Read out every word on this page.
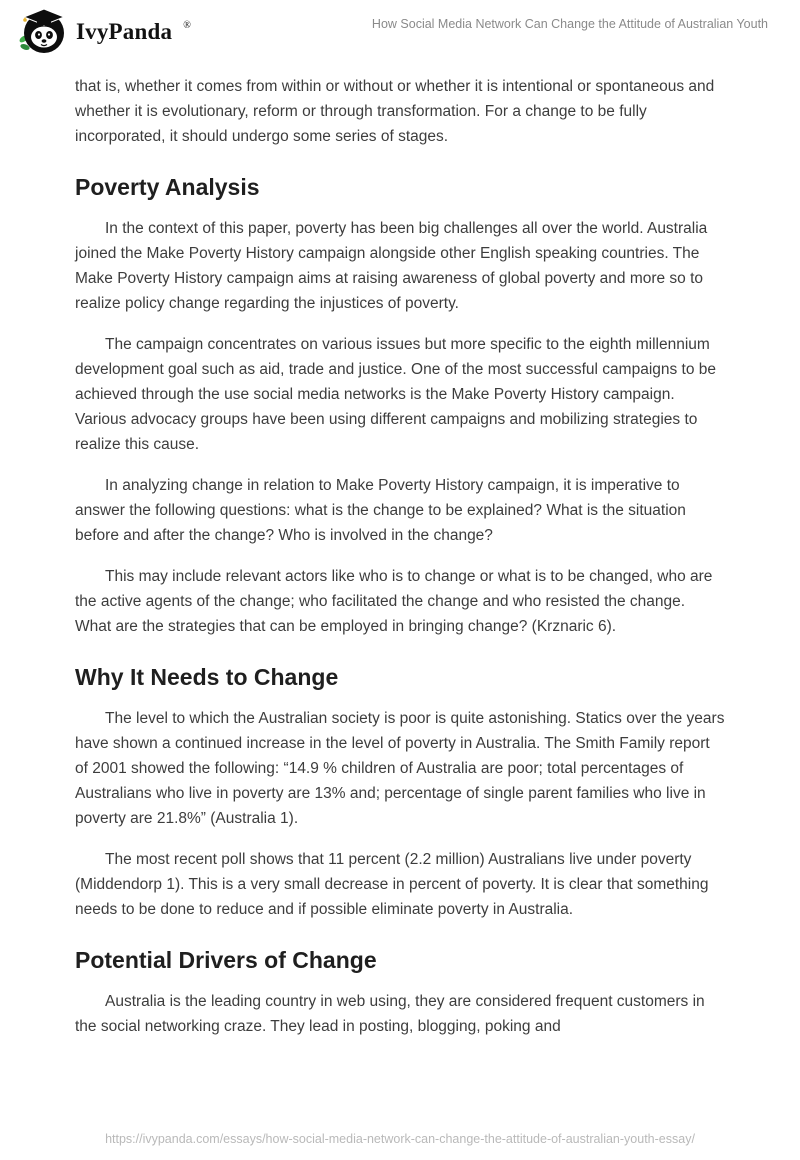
IvyPanda ®	How Social Media Network Can Change the Attitude of Australian Youth

that is, whether it comes from within or without or whether it is intentional or spontaneous and whether it is evolutionary, reform or through transformation. For a change to be fully incorporated, it should undergo some series of stages.

Poverty Analysis

In the context of this paper, poverty has been big challenges all over the world. Australia joined the Make Poverty History campaign alongside other English speaking countries. The Make Poverty History campaign aims at raising awareness of global poverty and more so to realize policy change regarding the injustices of poverty.

The campaign concentrates on various issues but more specific to the eighth millennium development goal such as aid, trade and justice. One of the most successful campaigns to be achieved through the use social media networks is the Make Poverty History campaign. Various advocacy groups have been using different campaigns and mobilizing strategies to realize this cause.

In analyzing change in relation to Make Poverty History campaign, it is imperative to answer the following questions: what is the change to be explained? What is the situation before and after the change? Who is involved in the change?

This may include relevant actors like who is to change or what is to be changed, who are the active agents of the change; who facilitated the change and who resisted the change. What are the strategies that can be employed in bringing change? (Krznaric 6).

Why It Needs to Change

The level to which the Australian society is poor is quite astonishing. Statics over the years have shown a continued increase in the level of poverty in Australia. The Smith Family report of 2001 showed the following: “14.9 % children of Australia are poor; total percentages of Australians who live in poverty are 13% and; percentage of single parent families who live in poverty are 21.8%” (Australia 1).

The most recent poll shows that 11 percent (2.2 million) Australians live under poverty (Middendorp 1). This is a very small decrease in percent of poverty. It is clear that something needs to be done to reduce and if possible eliminate poverty in Australia.

Potential Drivers of Change

Australia is the leading country in web using, they are considered frequent customers in the social networking craze. They lead in posting, blogging, poking and

https://ivypanda.com/essays/how-social-media-network-can-change-the-attitude-of-australian-youth-essay/
